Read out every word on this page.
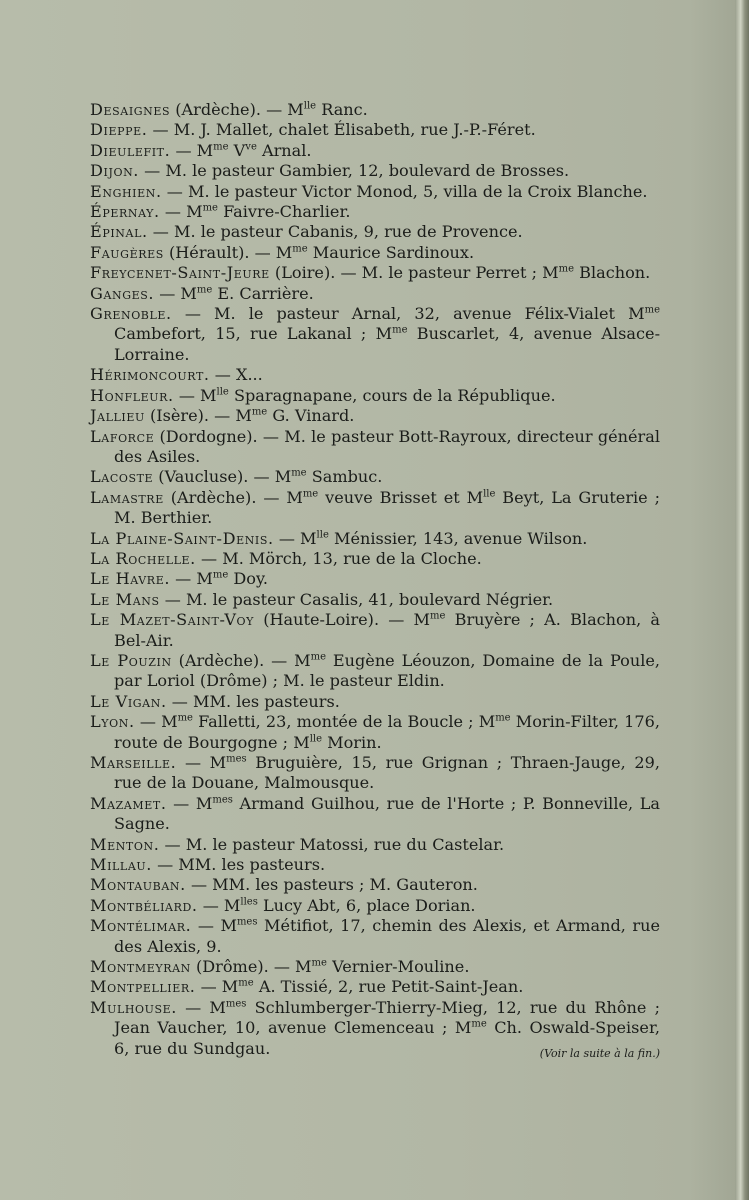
Desaignes (Ardèche). — $M^{lle}$ Ranc.

Dieppe. — M. J. Mallet, chalet Élisabeth, rue J.-P.-Féret.

Dieulefit. — $M^{me}$ $V^{ve}$ Arnal.

Dijon. — M. le pasteur Gambier, 12, boulevard de Brosses.

Enghien. — M. le pasteur Victor Monod, 5, villa de la Croix Blanche.

Épernay. — $M^{me}$ Faivre-Charlier.

Épinal. — M. le pasteur Cabanis, 9, rue de Provence.

Faugères (Hérault). — $M^{me}$ Maurice Sardinoux.

Freycenet-Saint-Jeure (Loire). — M. le pasteur Perret ; $M^{me}$ Blachon.

Ganges. — $M^{me}$ E. Carrière.

Grenoble. — M. le pasteur Arnal, 32, avenue Félix-Vialet $M^{me}$ Cambefort, 15, rue Lakanal ; $M^{me}$ Buscarlet, 4, avenue Alsace-Lorraine.

Hérimoncourt. — X...

Honfleur. — $M^{lle}$ Sparagnapane, cours de la République.

Jallieu (Isère). — $M^{me}$ G. Vinard.

Laforce (Dordogne). — M. le pasteur Bott-Rayroux, directeur général des Asiles.

Lacoste (Vaucluse). — $M^{me}$ Sambuc.

Lamastre (Ardèche). — $M^{me}$ veuve Brisset et $M^{lle}$ Beyt, La Gruterie ; M. Berthier.

La Plaine-Saint-Denis. — $M^{lle}$ Ménissier, 143, avenue Wilson.

La Rochelle. — M. Mörch, 13, rue de la Cloche.

Le Havre. — $M^{me}$ Doy.

Le Mans — M. le pasteur Casalis, 41, boulevard Négrier.

Le Mazet-Saint-Voy (Haute-Loire). — $M^{me}$ Bruyère ; A. Blachon, à Bel-Air.

Le Pouzin (Ardèche). — $M^{me}$ Eugène Léouzon, Domaine de la Poule, par Loriol (Drôme) ; M. le pasteur Eldin.

Le Vigan. — MM. les pasteurs.

Lyon. — $M^{me}$ Falletti, 23, montée de la Boucle ; $M^{me}$ Morin-Filter, 176, route de Bourgogne ; $M^{lle}$ Morin.

Marseille. — $M^{mes}$ Bruguière, 15, rue Grignan ; Thraen-Jauge, 29, rue de la Douane, Malmousque.

Mazamet. — $M^{mes}$ Armand Guilhou, rue de l'Horte ; P. Bonneville, La Sagne.

Menton. — M. le pasteur Matossi, rue du Castelar.

Millau. — MM. les pasteurs.

Montauban. — MM. les pasteurs ; M. Gauteron.

Montbéliard. — $M^{lles}$ Lucy Abt, 6, place Dorian.

Montélimar. — $M^{mes}$ Métifiot, 17, chemin des Alexis, et Armand, rue des Alexis, 9.

Montmeyran (Drôme). — $M^{me}$ Vernier-Mouline.

Montpellier. — $M^{me}$ A. Tissié, 2, rue Petit-Saint-Jean.

Mulhouse. — $M^{mes}$ Schlumberger-Thierry-Mieg, 12, rue du Rhône ; Jean Vaucher, 10, avenue Clemenceau ; $M^{me}$ Ch. Oswald-Speiser, 6, rue du Sundgau.	(Voir la suite à la fin.)
